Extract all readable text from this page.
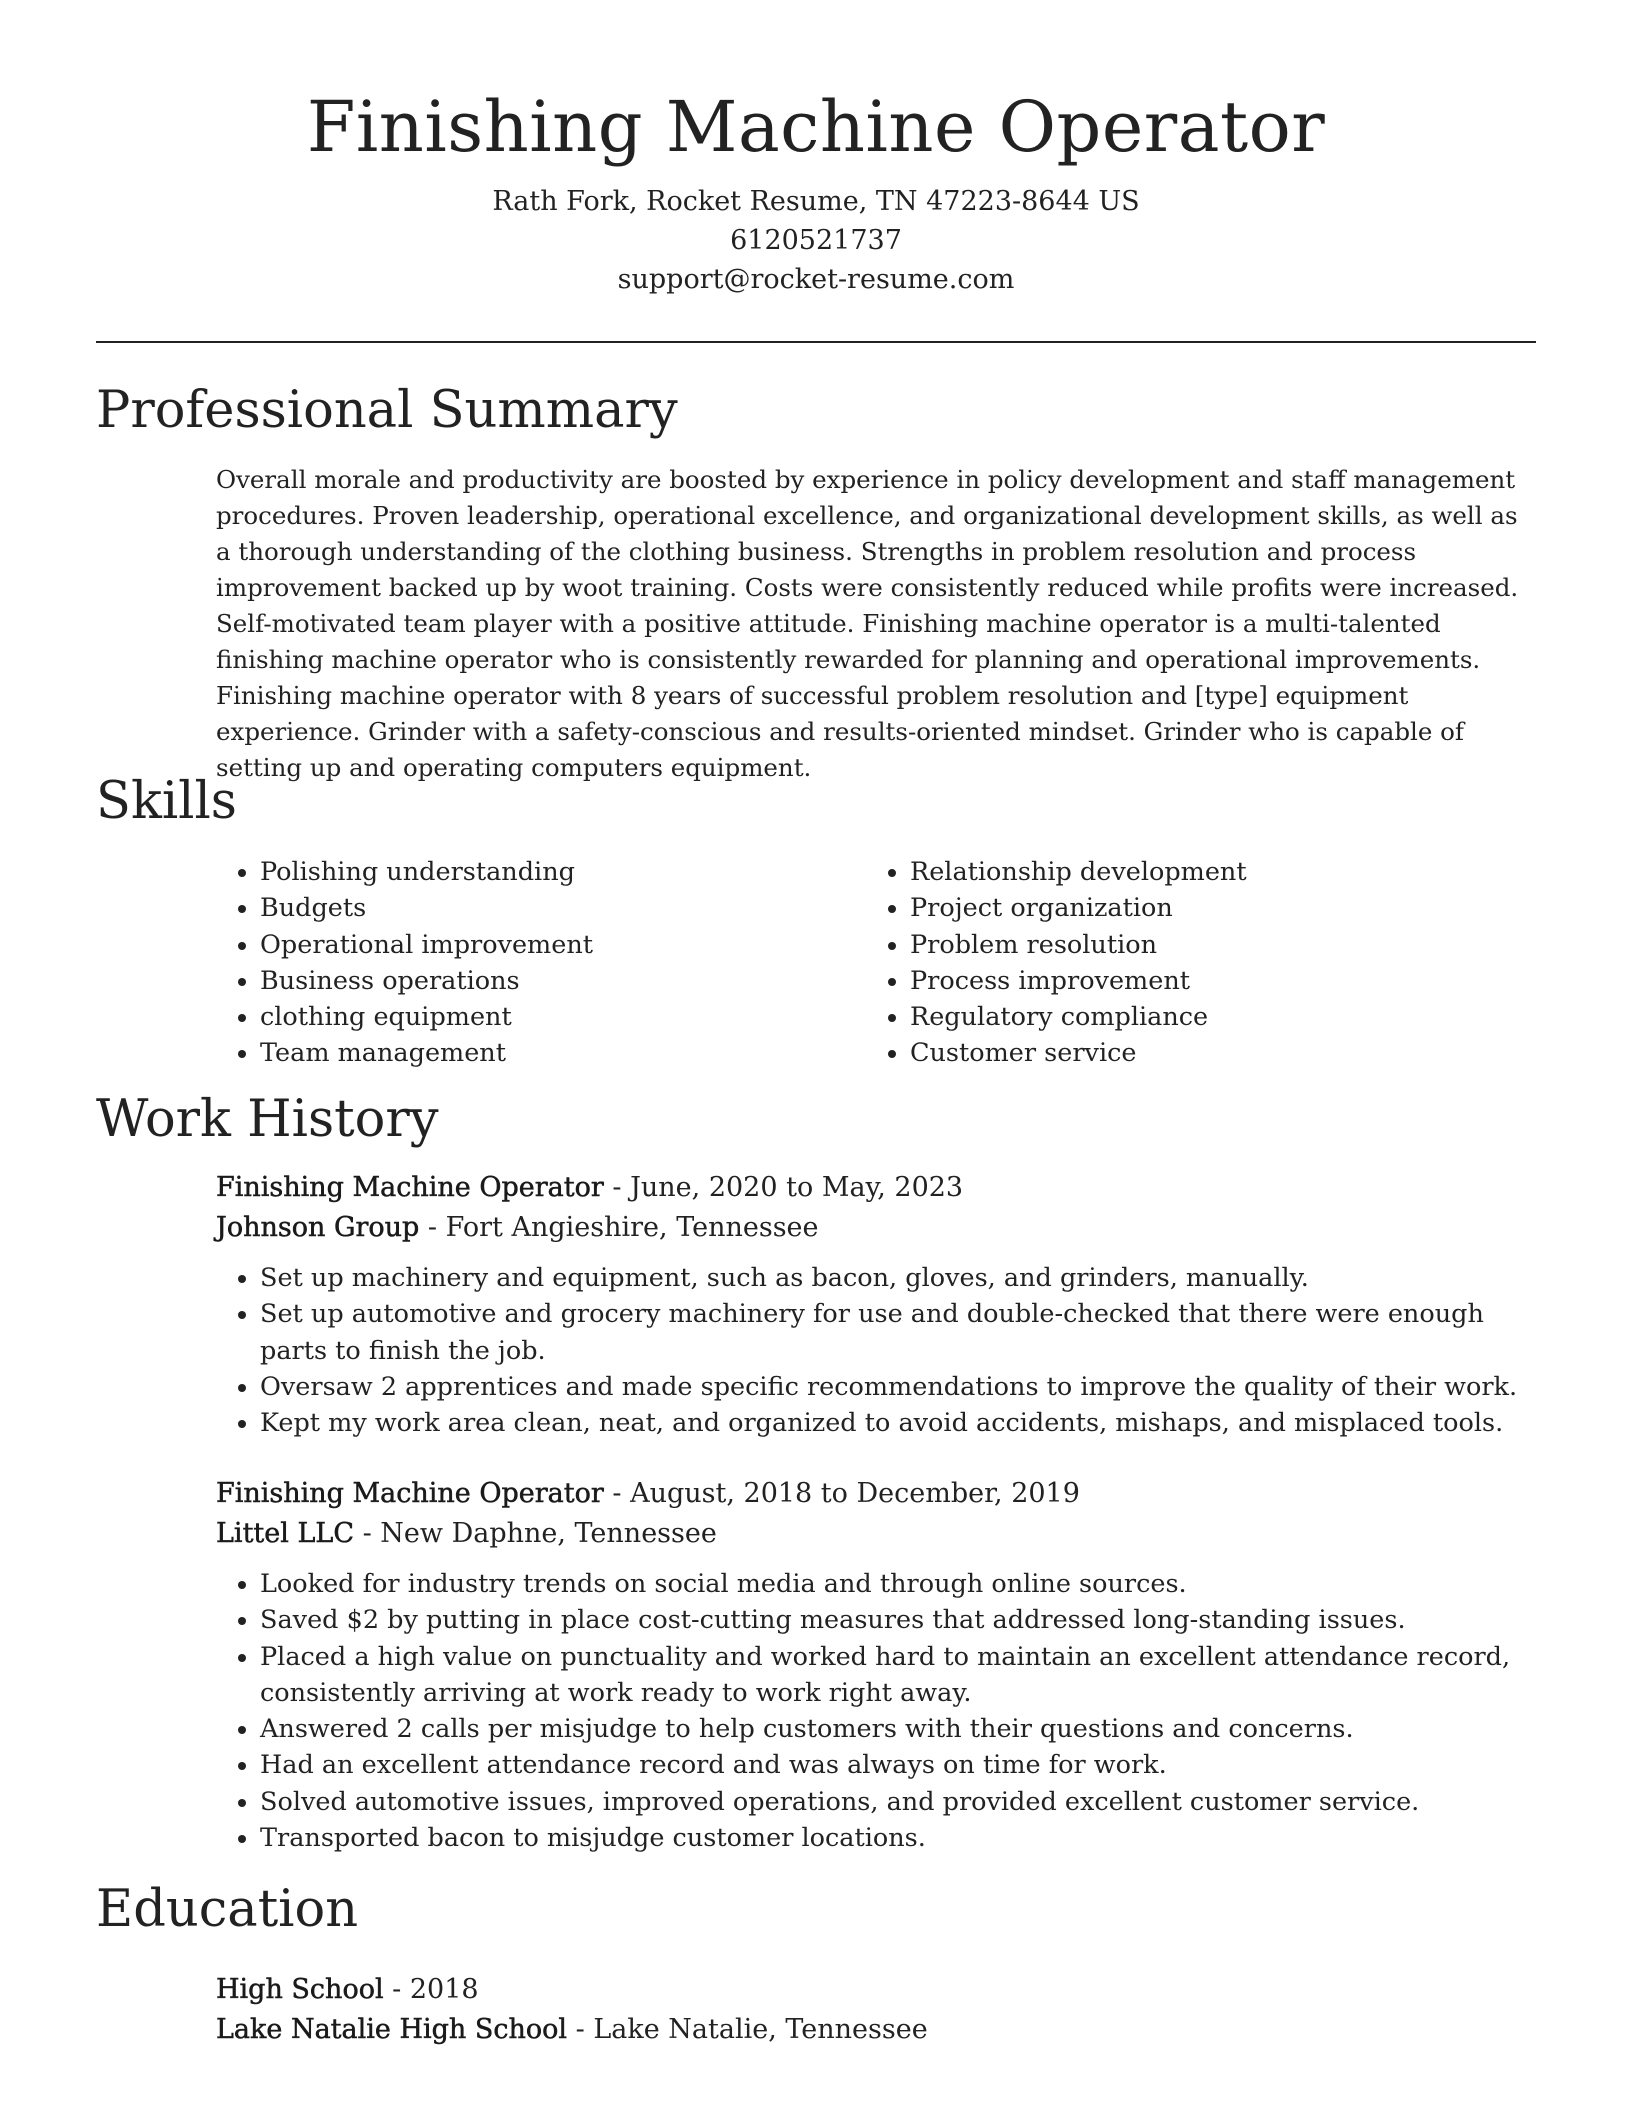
Finishing Machine Operator

Rath Fork, Rocket Resume, TN 47223-8644 US

6120521737

support@rocket-resume.com

Professional Summary

Overall morale and productivity are boosted by experience in policy development and staff management procedures. Proven leadership, operational excellence, and organizational development skills, as well as a thorough understanding of the clothing business. Strengths in problem resolution and process improvement backed up by woot training. Costs were consistently reduced while profits were increased. Self-motivated team player with a positive attitude. Finishing machine operator is a multi-talented finishing machine operator who is consistently rewarded for planning and operational improvements. Finishing machine operator with 8 years of successful problem resolution and [type] equipment experience. Grinder with a safety-conscious and results-oriented mindset. Grinder who is capable of setting up and operating computers equipment.

Skills
• Polishing understanding
• Budgets
• Operational improvement
• Business operations
• clothing equipment
• Team management
• Relationship development
• Project organization
• Problem resolution
• Process improvement
• Regulatory compliance
• Customer service
Work History

Finishing Machine Operator - June, 2020 to May, 2023

Johnson Group - Fort Angieshire, Tennessee

• Set up machinery and equipment, such as bacon, gloves, and grinders, manually.
• Set up automotive and grocery machinery for use and double-checked that there were enough parts to finish the job.
• Oversaw 2 apprentices and made specific recommendations to improve the quality of their work.
• Kept my work area clean, neat, and organized to avoid accidents, mishaps, and misplaced tools.

Finishing Machine Operator - August, 2018 to December, 2019

Littel LLC - New Daphne, Tennessee

• Looked for industry trends on social media and through online sources.
• Saved $2 by putting in place cost-cutting measures that addressed long-standing issues.
• Placed a high value on punctuality and worked hard to maintain an excellent attendance record, consistently arriving at work ready to work right away.
• Answered 2 calls per misjudge to help customers with their questions and concerns.
• Had an excellent attendance record and was always on time for work.
• Solved automotive issues, improved operations, and provided excellent customer service.
• Transported bacon to misjudge customer locations.
Education

High School - 2018

Lake Natalie High School - Lake Natalie, Tennessee
